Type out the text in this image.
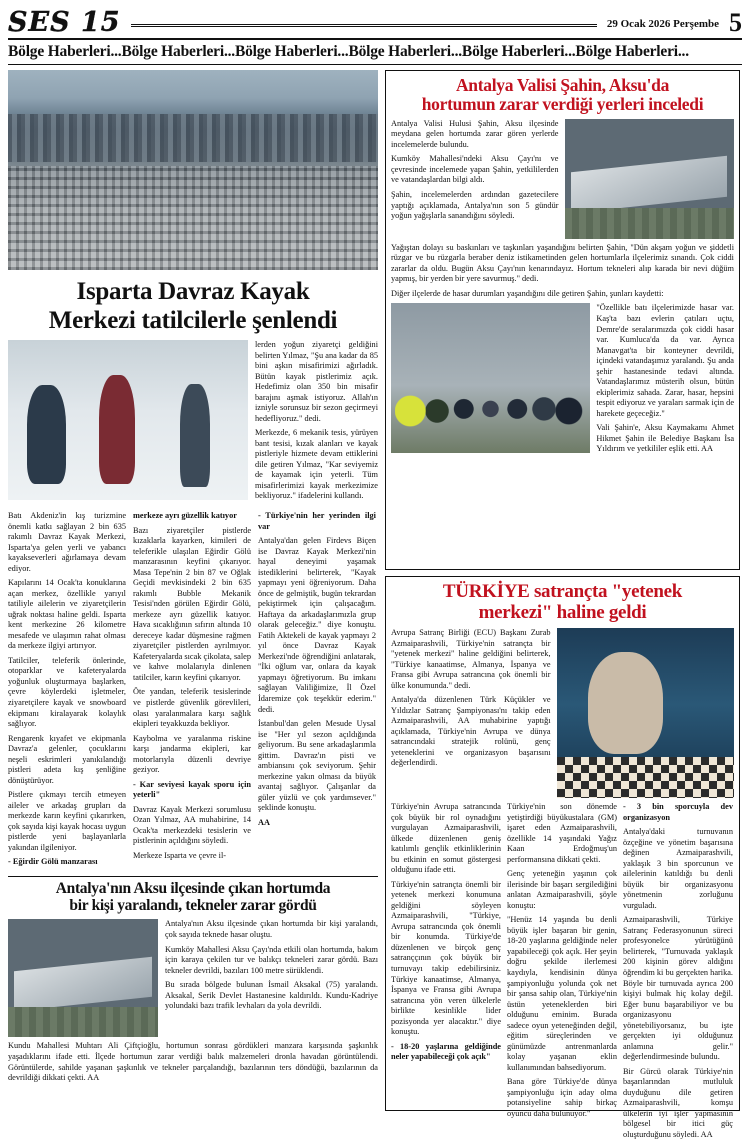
SES 15	29 Ocak 2026 Perşembe 5
Bölge Haberleri...Bölge Haberleri...Bölge Haberleri...Bölge Haberleri...Bölge Haberleri...Bölge Haberleri...
Isparta Davraz Kayak
Merkezi tatilcilerle şenlendi

lerden yoğun ziyaretçi geldiğini belirten Yılmaz, "Şu ana kadar da 85 bini aşkın misafirimizi ağırladık. Bütün kayak pistlerimiz açık. Hedefimiz olan 350 bin misafir barajını aşmak istiyoruz. Allah'ın izniyle sorunsuz bir sezon geçirmeyi hedefliyoruz." dedi.

Merkezde, 6 mekanik tesis, yürüyen bant tesisi, kızak alanları ve kayak pistleriyle hizmete devam ettiklerini dile getiren Yılmaz, "Kar seviyemiz de kayamak için yeterli. Tüm misafirlerimizi kayak merkezimize bekliyoruz." ifadelerini kullandı.

Batı Akdeniz'in kış turizmine önemli katkı sağlayan 2 bin 635 rakımlı Davraz Kayak Merkezi, Isparta'ya gelen yerli ve yabancı kayakseverleri ağırlamaya devam ediyor.

Kapılarını 14 Ocak'ta konuklarına açan merkez, özellikle yarıyıl tatiliyle ailelerin ve ziyaretçilerin uğrak noktası haline geldi. Isparta kent merkezine 26 kilometre mesafede ve ulaşımın rahat olması da merkeze ilgiyi artırıyor.

Tatilciler, teleferik önlerinde, otoparklar ve kafeteryalarda yoğunluk oluşturmaya başlarken, çevre köylerdeki işletmeler, ziyaretçilere kayak ve snowboard ekipmanı kiralayarak kolaylık sağlıyor.

Rengarenk kıyafet ve ekipmanla Davraz'a gelenler, çocuklarını neşeli eskrimleri yanıkılandığı pistleri adeta kış şenliğine dönüştürüyor.

Pistlere çıkmayı tercih etmeyen aileler ve arkadaş grupları da merkezde karın keyfini çıkarırken, çok sayıda kişi kayak hocası uygun pistlerde yeni başlayanlarla yakından ilgileniyor.

- Eğirdir Gölü manzarası

merkeze ayrı güzellik katıyor

Bazı ziyaretçiler pistlerde kızaklarla kayarken, kimileri de teleferikle ulaşılan Eğirdir Gölü manzarasının keyfini çıkarıyor. Masa Tepe'nin 2 bin 87 ve Oğlak Geçidi mevkisindeki 2 bin 635 rakımlı Bubble Mekanik Tesisi'nden görülen Eğirdir Gölü, merkeze ayrı güzellik katıyor. Hava sıcaklığının sıfırın altında 10 dereceye kadar düşmesine rağmen ziyaretçiler pistlerden ayrılmıyor. Kafeteryalarda sıcak çikolata, salep ve kahve molalarıyla dinlenen tatilciler, karın keyfini çıkarıyor.

Öte yandan, teleferik tesislerinde ve pistlerde güvenlik görevlileri, olası yaralanmalara karşı sağlık ekipleri teyakkuzda bekliyor.

Kaybolma ve yaralanma riskine karşı jandarma ekipleri, kar motorlarıyla düzenli devriye geziyor.

- Kar seviyesi kayak sporu için yeterli"

Davraz Kayak Merkezi sorumlusu Ozan Yılmaz, AA muhabirine, 14 Ocak'ta merkezdeki tesislerin ve pistlerinin açıldığını söyledi.

Merkeze Isparta ve çevre il-

- Türkiye'nin her yerinden ilgi var

Antalya'dan gelen Firdevs Biçen ise Davraz Kayak Merkezi'nin hayal deneyimi yaşamak istediklerini belirterek, "Kayak yapmayı yeni öğreniyorum. Daha önce de gelmiştik, bugün tekrardan pekiştirmek için çalışacağım. Haftaya da arkadaşlarımızla grup olarak geleceğiz." diye konuştu. Fatih Aktekeli de kayak yapmayı 2 yıl önce Davraz Kayak Merkezi'nde öğrendiğini anlatarak, "İki oğlum var, onlara da kayak yapmayı öğretiyorum. Bu imkanı sağlayan Valiliğimize, İl Özel İdaremize çok teşekkür ederim." dedi.

İstanbul'dan gelen Mesude Uysal ise "Her yıl sezon açıldığında geliyorum. Bu sene arkadaşlarımla gittim. Davraz'ın pisti ve ambiansını çok seviyorum. Şehir merkezine yakın olması da büyük avantaj sağlıyor. Çalışanlar da güler yüzlü ve çok yardımsever." şeklinde konuştu.

AA

Antalya'nın Aksu ilçesinde çıkan hortumda
bir kişi yaralandı, tekneler zarar gördü

Antalya'nın Aksu ilçesinde çıkan hortumda bir kişi yaralandı, çok sayıda teknede hasar oluştu.

Kumköy Mahallesi Aksu Çayı'nda etkili olan hortumda, bakım için karaya çekilen tur ve balıkçı tekneleri zarar gördü. Bazı tekneler devrildi, bazıları 100 metre sürüklendi.

Bu sırada bölgede bulunan İsmail Aksakal (75) yaralandı. Aksakal, Serik Devlet Hastanesine kaldırıldı. Kundu-Kadriye yolundaki bazı trafik levhaları da yola devrildi.

Kundu Mahallesi Muhtarı Ali Çiftçioğlu, hortumun sonrası gördükleri manzara karşısında şaşkınlık yaşadıklarını ifade etti. İlçede hortumun zarar verdiği balık malzemeleri dronla havadan görüntülendi. Görüntülerde, sahilde yaşanan şaşkınlık ve tekneler parçalandığı, bazılarının ters döndüğü, bazılarının da devrildiği dikkati çekti. AA

Antalya Valisi Şahin, Aksu'da
hortumun zarar verdiği yerleri inceledi

Antalya Valisi Hulusi Şahin, Aksu ilçesinde meydana gelen hortumda zarar gören yerlerde incelemelerde bulundu.

Kumköy Mahallesi'ndeki Aksu Çayı'nı ve çevresinde incelemede yapan Şahin, yetkililerden ve vatandaşlardan bilgi aldı.

Şahin, incelemelerden ardından gazetecilere yaptığı açıklamada, Antalya'nın son 5 gündür yoğun yağışlarla sanandığını söyledi.

Yağıştan dolayı su baskınları ve taşkınları yaşandığını belirten Şahin, "Dün akşam yoğun ve şiddetli rüzgar ve bu rüzgarla beraber deniz istikametinden gelen hortumlarla ilçelerimiz sınandı. Çok ciddi zararlar da oldu. Bugün Aksu Çayı'nın kenarındayız. Hortum tekneleri alıp karada bir nevi düğüm yapmış, bir yerden bir yere savurmuş." dedi.

Diğer ilçelerde de hasar durumları yaşandığını dile getiren Şahin, şunları kaydetti:

"Özellikle batı ilçelerimizde hasar var. Kaş'ta bazı evlerin çatıları uçtu, Demre'de seralarımızda çok ciddi hasar var. Kumluca'da da var. Ayrıca Manavgat'ta bir konteyner devrildi, içindeki vatandaşımız yaralandı. Şu anda şehir hastanesinde tedavi altında. Vatandaşlarımız müsterih olsun, bütün ekiplerimiz sahada. Zarar, hasar, hepsini tespit ediyoruz ve yaraları sarmak için de harekete geçeceğiz."

Vali Şahin'e, Aksu Kaymakamı Ahmet Hikmet Şahin ile Belediye Başkanı İsa Yıldırım ve yetkililer eşlik etti. AA

TÜRKİYE satrançta "yetenek
merkezi" haline geldi

Avrupa Satranç Birliği (ECU) Başkanı Zurab Azmaiparashvili, Türkiye'nin satrançta bir "yetenek merkezi" haline geldiğini belirterek, "Türkiye kanaatimse, Almanya, İspanya ve Fransa gibi Avrupa satrancına çok önemli bir ülke konumunda." dedi.

Antalya'da düzenlenen Türk Küçükler ve Yıldızlar Satranç Şampiyonası'nı takip eden Azmaiparashvili, AA muhabirine yaptığı açıklamada, Türkiye'nin Avrupa ve dünya satrancındaki stratejik rolünü, genç yeteneklerini ve organizasyon başarısını değerlendirdi.

Türkiye'nin Avrupa satrancında çok büyük bir rol oynadığını vurgulayan Azmaiparashvili, ülkede düzenlenen geniş katılımlı gençlik etkinliklerinin bu etkinin en somut göstergesi olduğunu ifade etti.

Türkiye'nin satrançta önemli bir yetenek merkezi konumuna geldiğini söyleyen Azmaiparashvili, "Türkiye, Avrupa satrancında çok önemli bir konumda. Türkiye'de düzenlenen ve birçok genç satranççının çok büyük bir turnuvayı takip edebilirsiniz. Türkiye kanaatimse, Almanya, İspanya ve Fransa gibi Avrupa satrancına yön veren ülkelerle birlikte kesinlikle lider pozisyonda yer alacaktır." diye konuştu.

- 18-20 yaşlarına geldiğinde neler yapabileceği çok açık"

Türkiye'nin son dönemde yetiştirdiği büyükustalara (GM) işaret eden Azmaiparashvili, özellikle 14 yaşındaki Yağız Kaan Erdoğmuş'un performansına dikkati çekti.

Genç yeteneğin yaşının çok ilerisinde bir başarı sergilediğini anlatan Azmaiparashvili, şöyle konuştu:

"Henüz 14 yaşında bu denli büyük işler başaran bir genin, 18-20 yaşlarına geldiğinde neler yapabileceği çok açık. Her şeyin doğru şekilde ilerlemesi kaydıyla, kendisinin dünya şampiyonluğu yolunda çok net bir şansa sahip olan, Türkiye'nin üstün yeteneklerden biri olduğunu eminim. Burada sadece oyun yeteneğinden değil, eğitim süreçlerinden ve günümüzde antrenmanlarda kolay yaşanan eklin kullanımından bahsediyorum.

Bana göre Türkiye'de dünya şampiyonluğu için aday olma potansiyeline sahip birkaç oyuncu daha bulunuyor."

- 3 bin sporcuyla dev organizasyon

Antalya'daki turnuvanın özçeğine ve yönetim başarısına değinen Azmaiparashvili, yaklaşık 3 bin sporcunun ve ailelerinin katıldığı bu denli büyük bir organizasyonu yönetmenin zorluğunu vurguladı.

Azmaiparashvili, Türkiye Satranç Federasyonunun süreci profesyonelce yürütüğünü belirterek, "Turnuvada yaklaşık 200 kişinin görev aldığını öğrendim ki bu gerçekten harika. Böyle bir turnuvada ayrıca 200 kişiyi bulmak hiç kolay değil. Eğer bunu başarabiliyor ve bu organizasyonu yönetebiliyorsanız, bu işte gerçekten iyi olduğunuz anlamına gelir." değerlendirmesinde bulundu.

Bir Gürcü olarak Türkiye'nin başarılarından mutluluk duyduğunu dile getiren Azmaiparashvili, komşu ülkelerin iyi işler yapmasının bölgesel bir itici güç oluşturduğunu söyledi. AA
